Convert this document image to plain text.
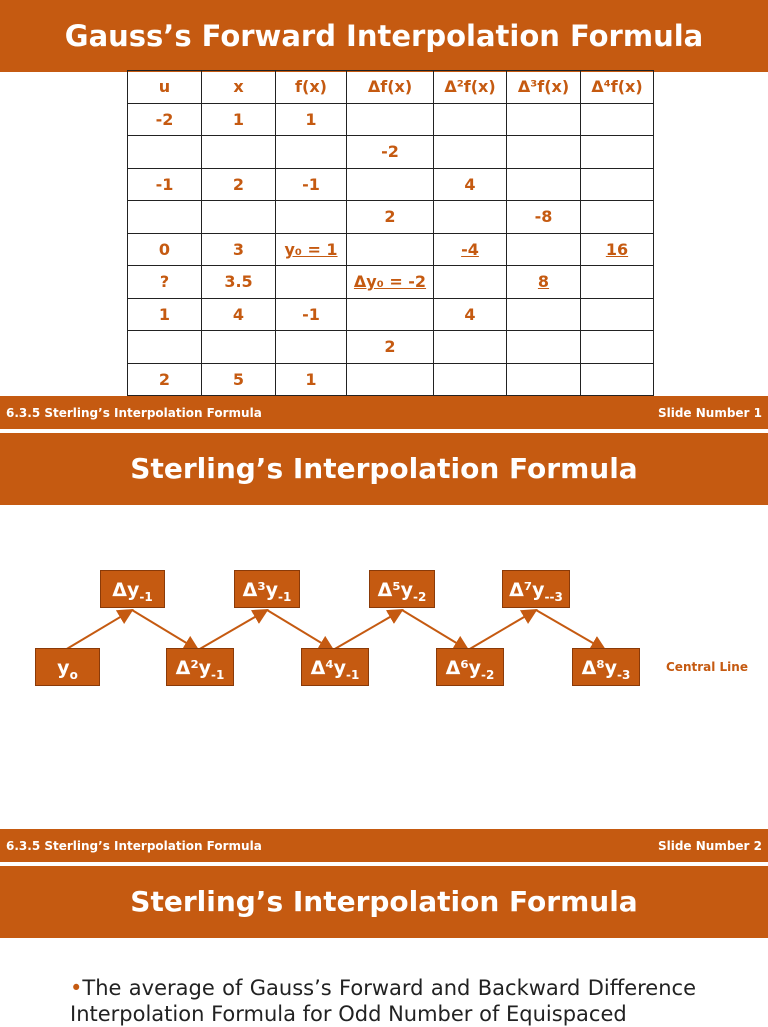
Gauss’s Forward Interpolation Formula
u	x	f(x)	Δf(x)	Δ²f(x)	Δ³f(x)	Δ⁴f(x)
-2	1	1				
			-2			
-1	2	-1		4		
			2		-8	
0	3	y₀ = 1		-4		16
?	3.5		Δy₀ = -2		8	
1	4	-1		4		
			2			
2	5	1				
6.3.5 Sterling’s Interpolation Formula	Slide Number 1
Sterling’s Interpolation Formula
$\Delta y_{-1}$	$\Delta^3y_{-1}$	$\Delta^5y_{-2}$	$\Delta^7y_{--3}$
$y_o$	$\Delta^2y_{-1}$	$\Delta^4y_{-1}$	$\Delta^6y_{-2}$	$\Delta^8y_{-3}$
Central Line
6.3.5 Sterling’s Interpolation Formula	Slide Number 2
Sterling’s Interpolation Formula
•The average of Gauss’s Forward and Backward Difference Interpolation Formula for Odd Number of Equispaced
